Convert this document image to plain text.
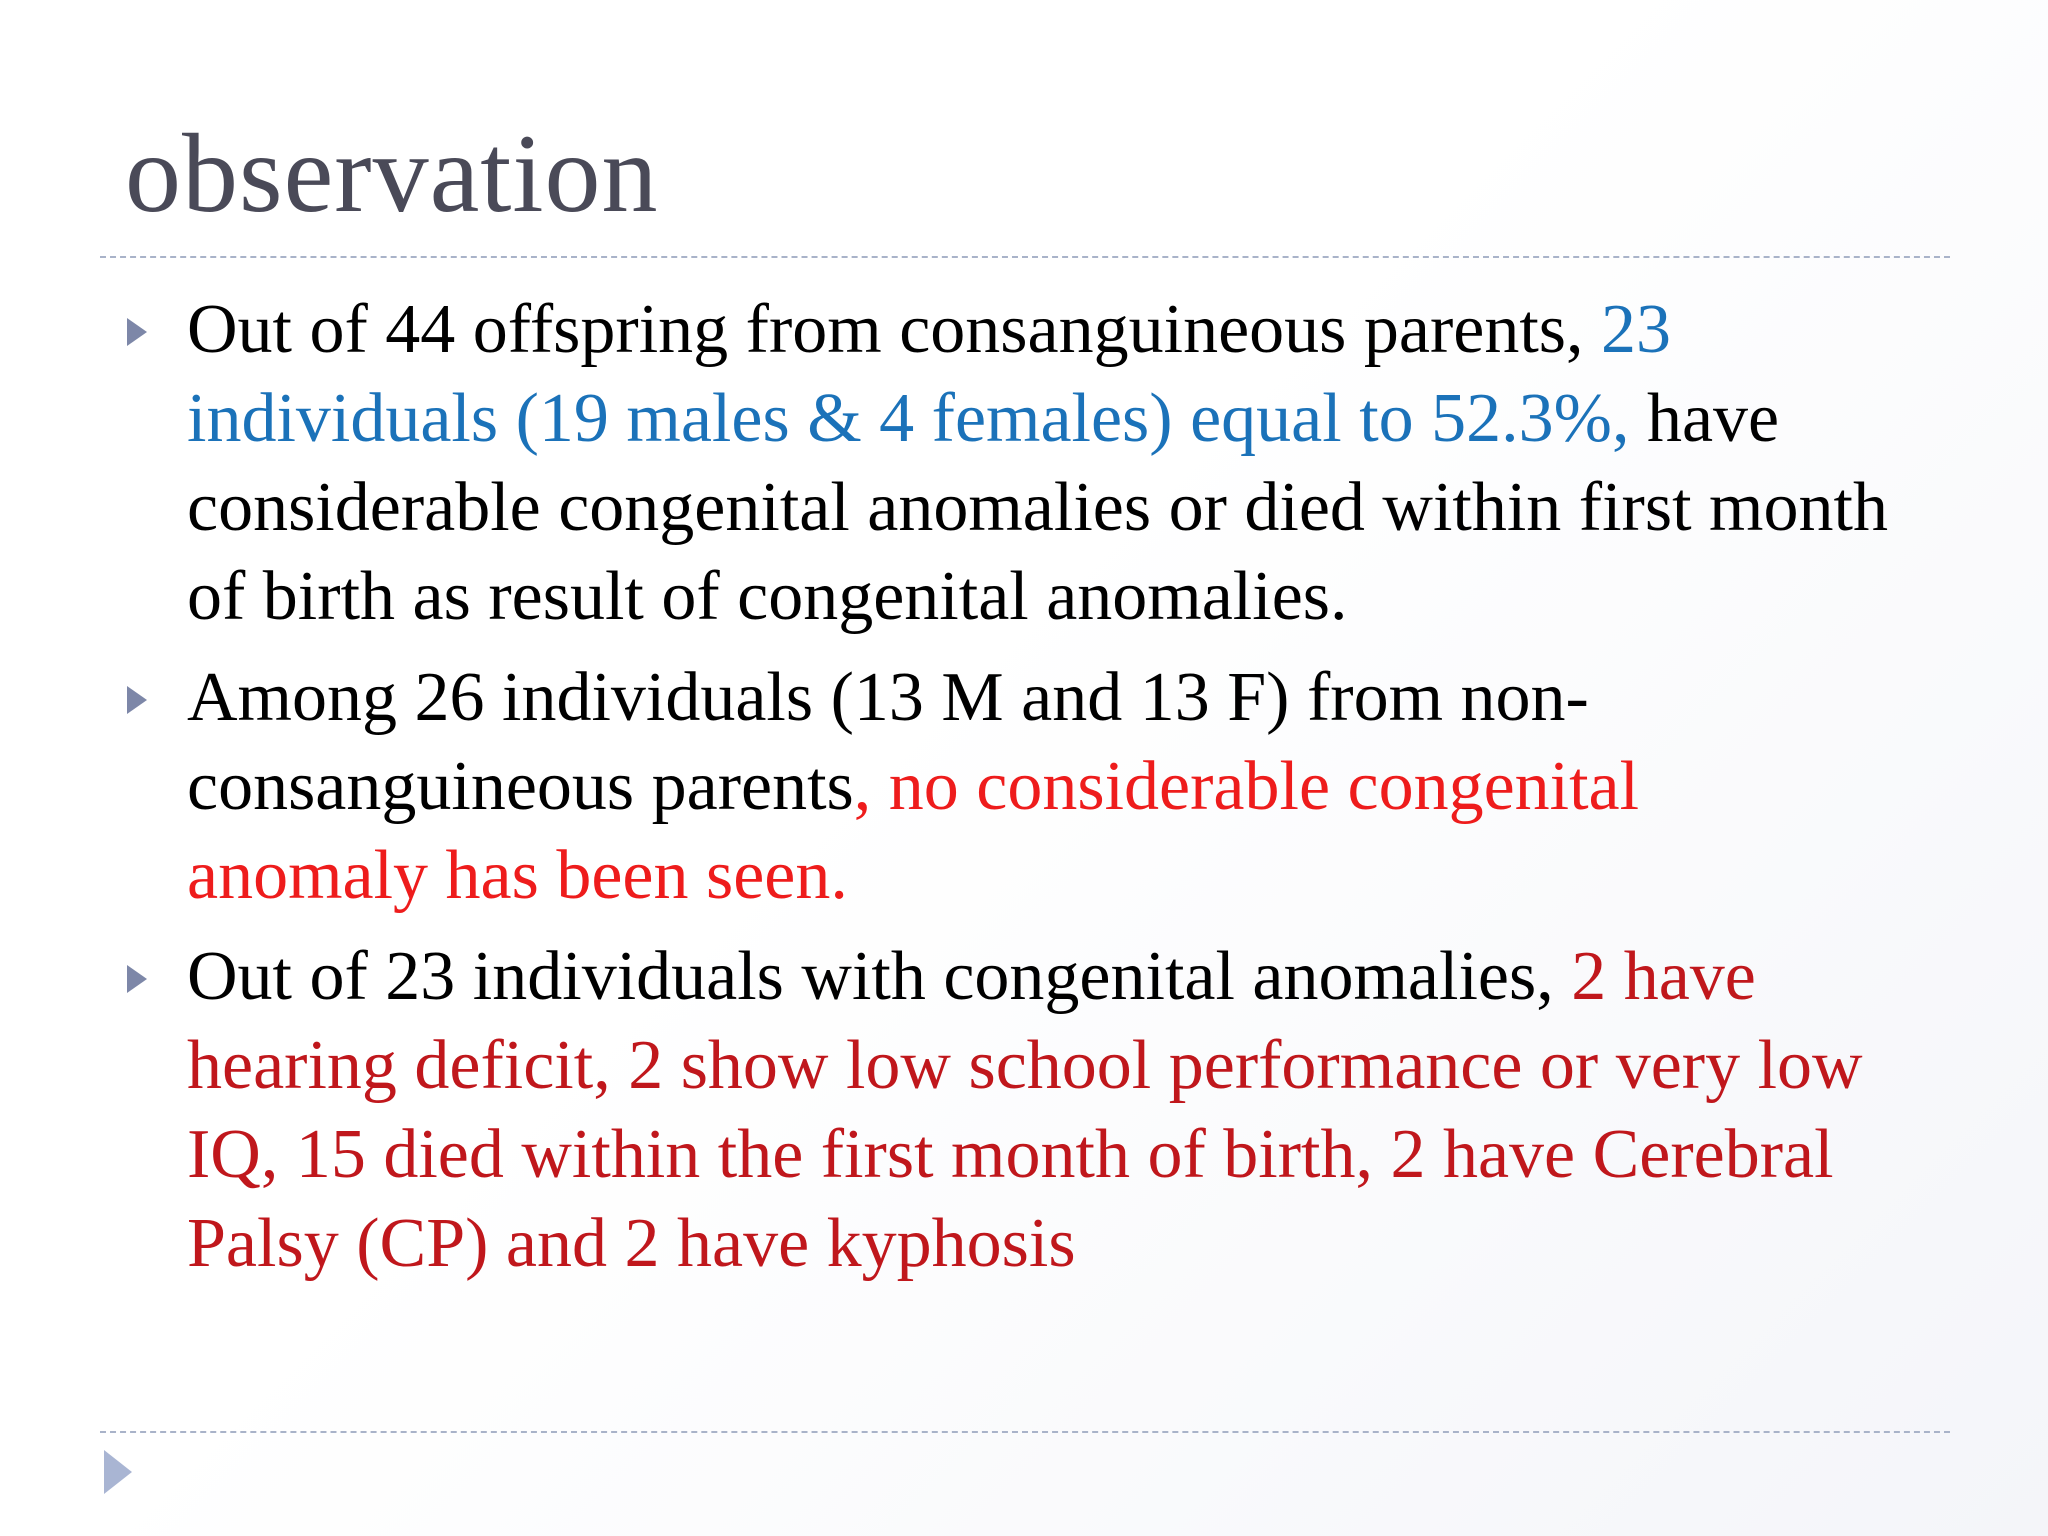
observation
Out of 44 offspring from consanguineous parents, 23 individuals (19 males & 4 females) equal to 52.3%, have considerable congenital anomalies or died within first month of birth as result of congenital anomalies.
Among 26 individuals (13 M and 13 F) from non-consanguineous parents, no considerable congenital anomaly has been seen.
Out of 23 individuals with congenital anomalies, 2 have hearing deficit, 2 show low school performance or very low IQ, 15 died within the first month of birth, 2 have Cerebral Palsy (CP) and 2 have kyphosis
